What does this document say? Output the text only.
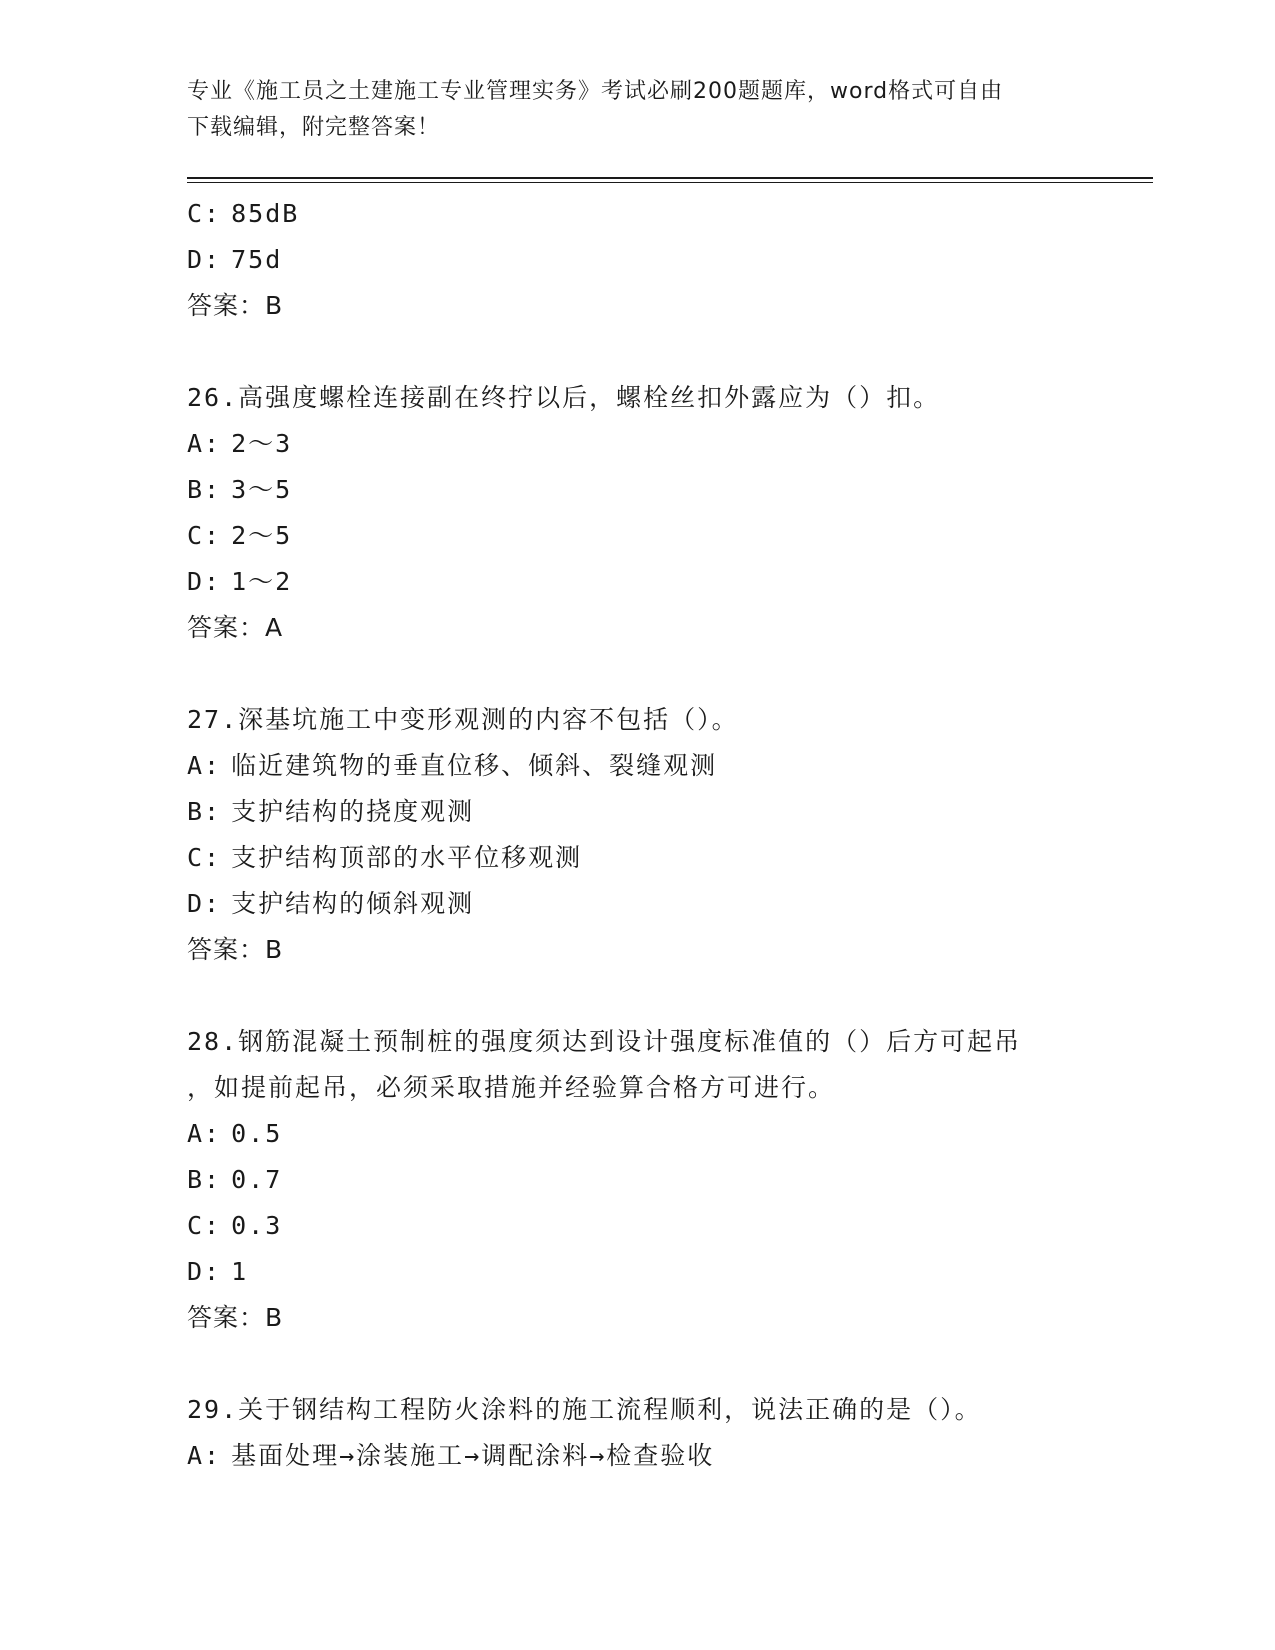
专业《施工员之土建施工专业管理实务》考试必刷200题题库，word格式可自由
下载编辑，附完整答案！
C: 85dB
D: 75d
答案：B
26.高强度螺栓连接副在终拧以后，螺栓丝扣外露应为（）扣。
A: 2～3
B: 3～5
C: 2～5
D: 1～2
答案：A
27.深基坑施工中变形观测的内容不包括（）。
A: 临近建筑物的垂直位移、倾斜、裂缝观测
B: 支护结构的挠度观测
C: 支护结构顶部的水平位移观测
D: 支护结构的倾斜观测
答案：B
28.钢筋混凝土预制桩的强度须达到设计强度标准值的（）后方可起吊
，如提前起吊，必须采取措施并经验算合格方可进行。
A: 0.5
B: 0.7
C: 0.3
D: 1
答案：B
29.关于钢结构工程防火涂料的施工流程顺利，说法正确的是（）。
A: 基面处理→涂装施工→调配涂料→检查验收
